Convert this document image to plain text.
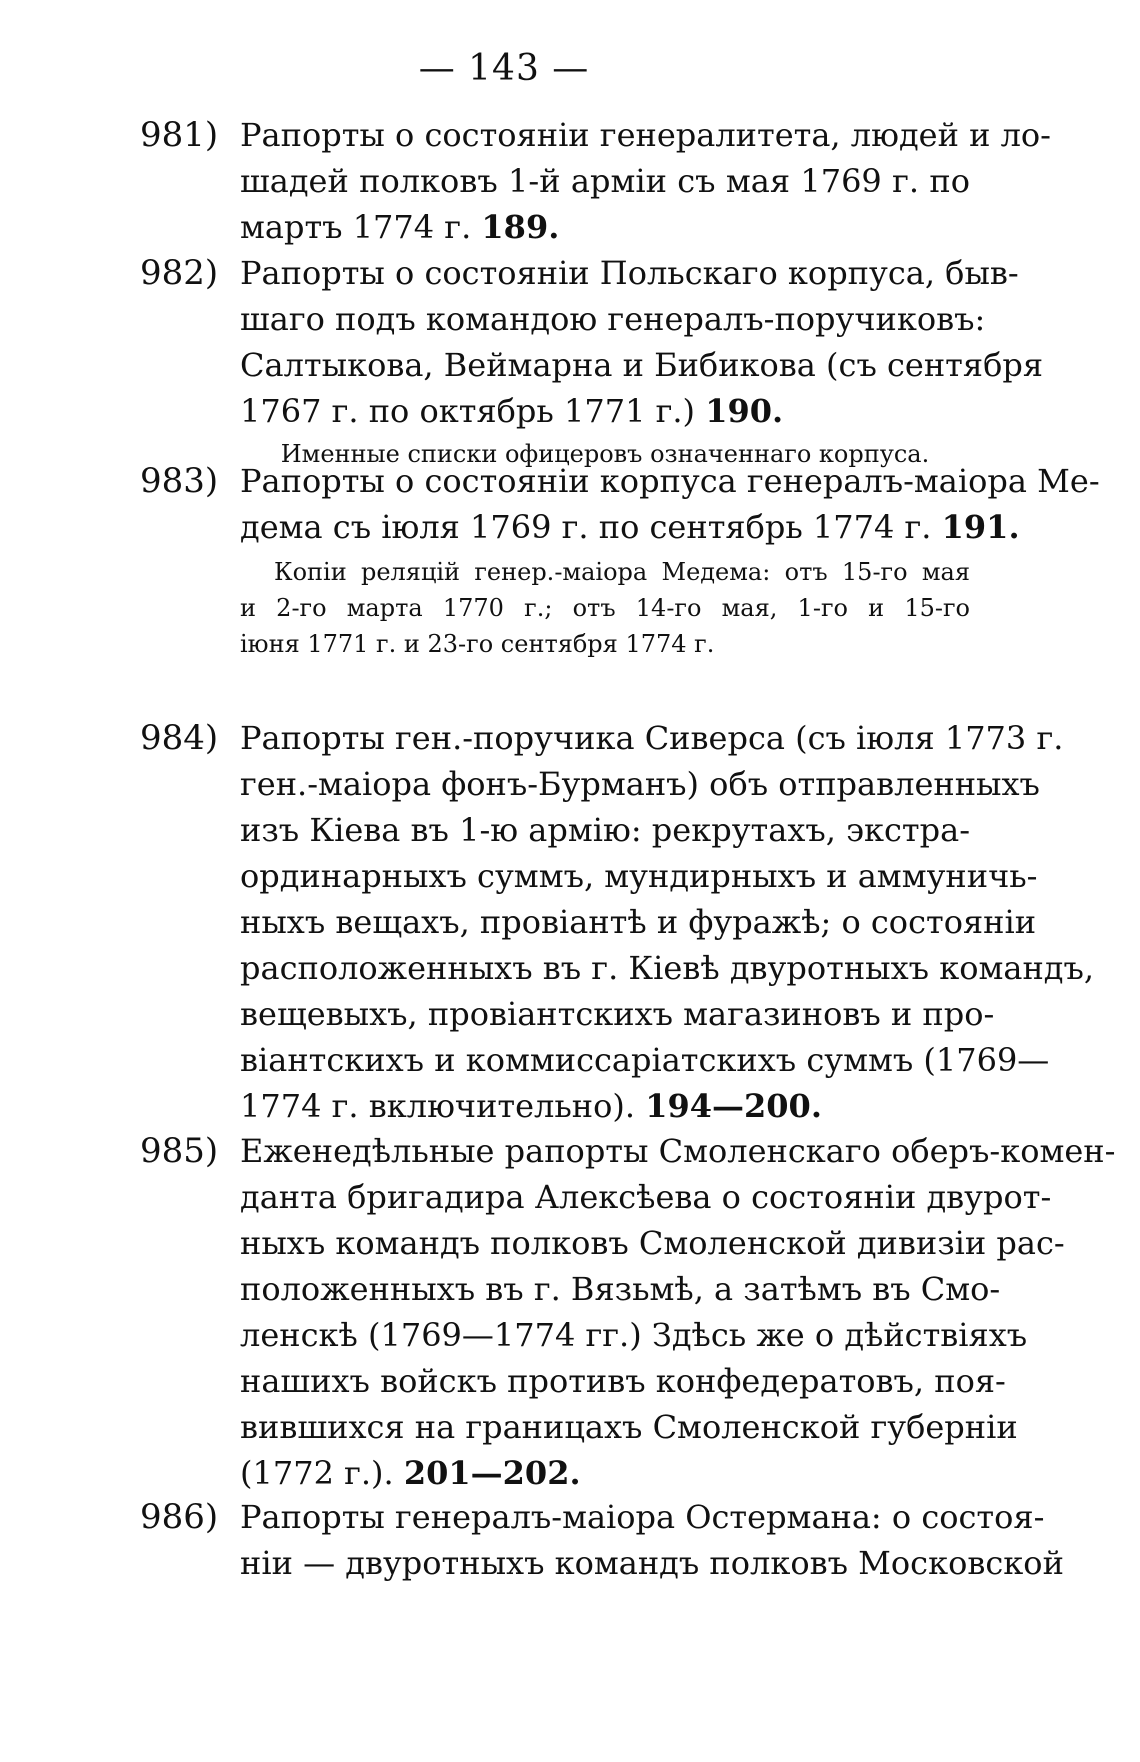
— 143 —
981) Рапорты о состояніи генералитета, людей и ло-
шадей полковъ 1-й арміи съ мая 1769 г. по
мартъ 1774 г. 189.
982) Рапорты о состояніи Польскаго корпуса, быв-
шаго подъ командою генералъ-поручиковъ:
Салтыкова, Веймарна и Бибикова (съ сентября
1767 г. по октябрь 1771 г.) 190.
Именные списки офицеровъ означеннаго корпуса.
983) Рапорты о состояніи корпуса генералъ-маіора Ме-
дема съ іюля 1769 г. по сентябрь 1774 г. 191.
Копіи реляцій генер.-маіора Медема: отъ 15-го мая
и 2-го марта 1770 г.; отъ 14-го мая, 1-го и 15-го
іюня 1771 г. и 23-го сентября 1774 г.
984) Рапорты ген.-поручика Сиверса (съ іюля 1773 г.
ген.-маіора фонъ-Бурманъ) объ отправленныхъ
изъ Кіева въ 1-ю армію: рекрутахъ, экстра-
ординарныхъ суммъ, мундирныхъ и аммуничь-
ныхъ вещахъ, провіантѣ и фуражѣ; о состояніи
расположенныхъ въ г. Кіевѣ двуротныхъ командъ,
вещевыхъ, провіантскихъ магазиновъ и про-
віантскихъ и коммиссаріатскихъ суммъ (1769—
1774 г. включительно). 194—200.
985) Еженедѣльные рапорты Смоленскаго оберъ-комен-
данта бригадира Алексѣева о состояніи двурот-
ныхъ командъ полковъ Смоленской дивизіи рас-
положенныхъ въ г. Вязьмѣ, а затѣмъ въ Смо-
ленскѣ (1769—1774 гг.) Здѣсь же о дѣйствіяхъ
нашихъ войскъ противъ конфедератовъ, поя-
вившихся на границахъ Смоленской губерніи
(1772 г.). 201—202.
986) Рапорты генералъ-маіора Остермана: о состоя-
ніи — двуротныхъ командъ полковъ Московской
